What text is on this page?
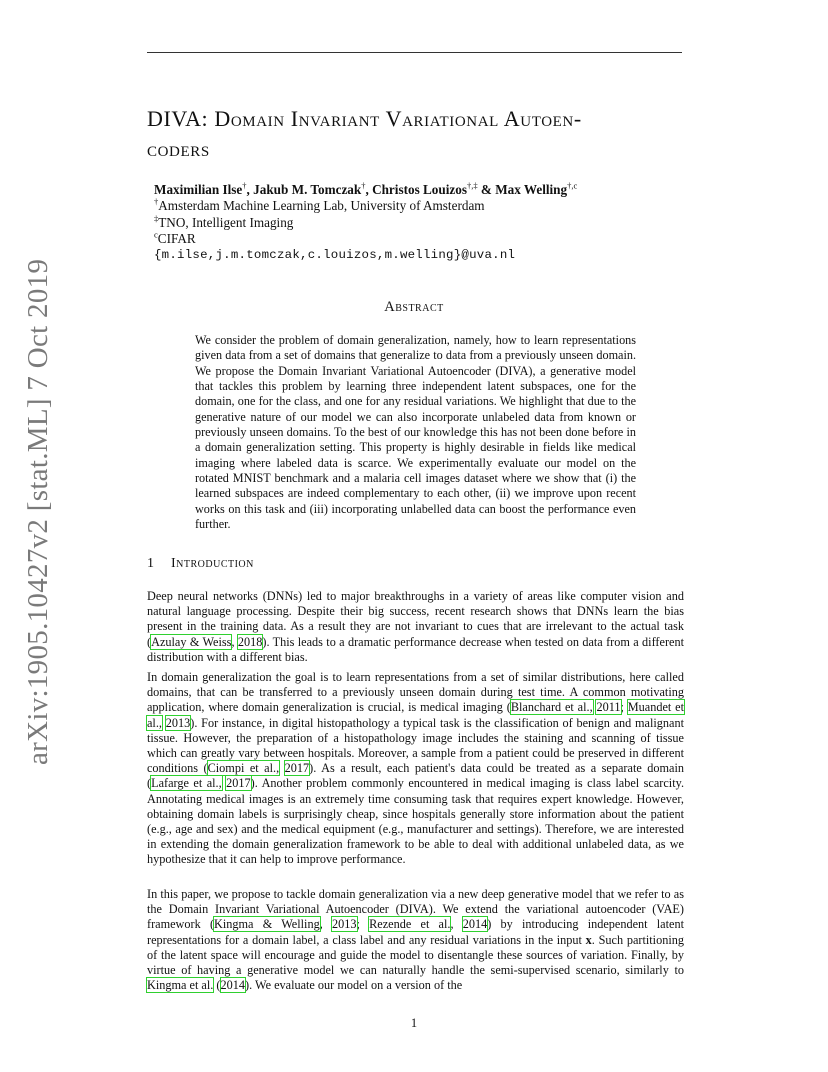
arXiv:1905.10427v2 [stat.ML] 7 Oct 2019
DIVA: Domain Invariant Variational Autoen-
coders
Maximilian Ilse†, Jakub M. Tomczak†, Christos Louizos†,‡ & Max Welling$^{\dagger,c}$
†Amsterdam Machine Learning Lab, University of Amsterdam
‡TNO, Intelligent Imaging
$^c$CIFAR
{m.ilse,j.m.tomczak,c.louizos,m.welling}@uva.nl
Abstract

We consider the problem of domain generalization, namely, how to learn representations given data from a set of domains that generalize to data from a previously unseen domain. We propose the Domain Invariant Variational Autoencoder (DIVA), a generative model that tackles this problem by learning three independent latent subspaces, one for the domain, one for the class, and one for any residual variations. We highlight that due to the generative nature of our model we can also incorporate unlabeled data from known or previously unseen domains. To the best of our knowledge this has not been done before in a domain generalization setting. This property is highly desirable in fields like medical imaging where labeled data is scarce. We experimentally evaluate our model on the rotated MNIST benchmark and a malaria cell images dataset where we show that (i) the learned subspaces are indeed complementary to each other, (ii) we improve upon recent works on this task and (iii) incorporating unlabelled data can boost the performance even further.

1 Introduction

Deep neural networks (DNNs) led to major breakthroughs in a variety of areas like computer vision and natural language processing. Despite their big success, recent research shows that DNNs learn the bias present in the training data. As a result they are not invariant to cues that are irrelevant to the actual task (Azulay & Weiss, 2018). This leads to a dramatic performance decrease when tested on data from a different distribution with a different bias.

In domain generalization the goal is to learn representations from a set of similar distributions, here called domains, that can be transferred to a previously unseen domain during test time. A common motivating application, where domain generalization is crucial, is medical imaging (Blanchard et al., 2011; Muandet et al., 2013). For instance, in digital histopathology a typical task is the classification of benign and malignant tissue. However, the preparation of a histopathology image includes the staining and scanning of tissue which can greatly vary between hospitals. Moreover, a sample from a patient could be preserved in different conditions (Ciompi et al., 2017). As a result, each patient's data could be treated as a separate domain (Lafarge et al., 2017). Another problem commonly encountered in medical imaging is class label scarcity. Annotating medical images is an extremely time consuming task that requires expert knowledge. However, obtaining domain labels is surprisingly cheap, since hospitals generally store information about the patient (e.g., age and sex) and the medical equipment (e.g., manufacturer and settings). Therefore, we are interested in extending the domain generalization framework to be able to deal with additional unlabeled data, as we hypothesize that it can help to improve performance.

In this paper, we propose to tackle domain generalization via a new deep generative model that we refer to as the Domain Invariant Variational Autoencoder (DIVA). We extend the variational autoencoder (VAE) framework (Kingma & Welling, 2013; Rezende et al., 2014) by introducing independent latent representations for a domain label, a class label and any residual variations in the input x. Such partitioning of the latent space will encourage and guide the model to disentangle these sources of variation. Finally, by virtue of having a generative model we can naturally handle the semi-supervised scenario, similarly to Kingma et al. (2014). We evaluate our model on a version of the

1
